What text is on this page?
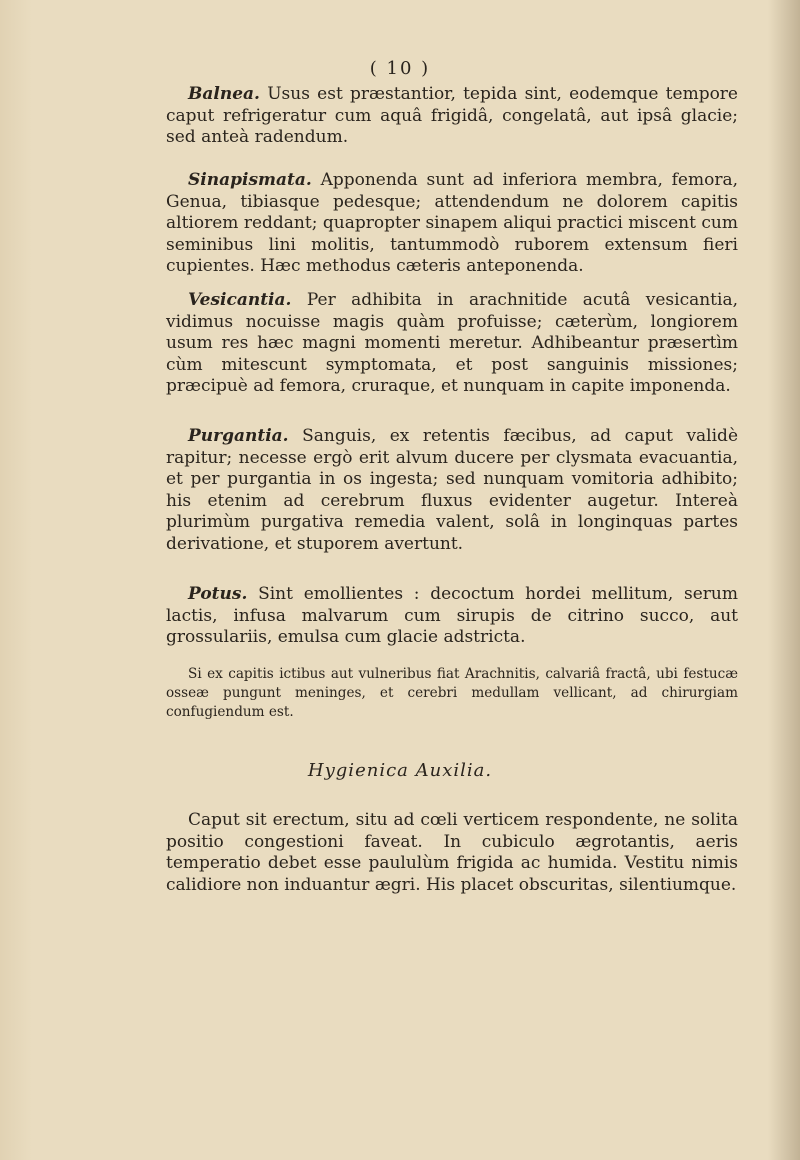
( 10 )

Balnea. Usus est præstantior, tepida sint, eodemque tempore caput refrigeratur cum aquâ frigidâ, congelatâ, aut ipsâ glacie; sed anteà radendum.

Sinapismata. Apponenda sunt ad inferiora membra, femora, Genua, tibiasque pedesque; attendendum ne dolorem capitis altiorem reddant; quapropter sinapem aliqui practici miscent cum seminibus lini molitis, tantummodò ruborem extensum fieri cupientes. Hæc methodus cæteris anteponenda.

Vesicantia. Per adhibita in arachnitide acutâ vesicantia, vidimus nocuisse magis quàm profuisse; cæterùm, longiorem usum res hæc magni momenti meretur. Adhibeantur præsertìm cùm mitescunt symptomata, et post sanguinis missiones; præcipuè ad femora, cruraque, et nunquam in capite imponenda.

Purgantia. Sanguis, ex retentis fæcibus, ad caput validè rapitur; necesse ergò erit alvum ducere per clysmata evacuantia, et per purgantia in os ingesta; sed nunquam vomitoria adhibito; his etenim ad cerebrum fluxus evidenter augetur. Intereà plurimùm purgativa remedia valent, solâ in longinquas partes derivatione, et stuporem avertunt.

Potus. Sint emollientes : decoctum hordei mellitum, serum lactis, infusa malvarum cum sirupis de citrino succo, aut grossulariis, emulsa cum glacie adstricta.

Si ex capitis ictibus aut vulneribus fiat Arachnitis, calvariâ fractâ, ubi festucæ osseæ pungunt meninges, et cerebri medullam vellicant, ad chirurgiam confugiendum est.

Hygienica Auxilia.

Caput sit erectum, situ ad cœli verticem respondente, ne solita positio congestioni faveat. In cubiculo ægrotantis, aeris temperatio debet esse paululùm frigida ac humida. Vestitu nimis calidiore non induantur ægri. His placet obscuritas, silentiumque.
